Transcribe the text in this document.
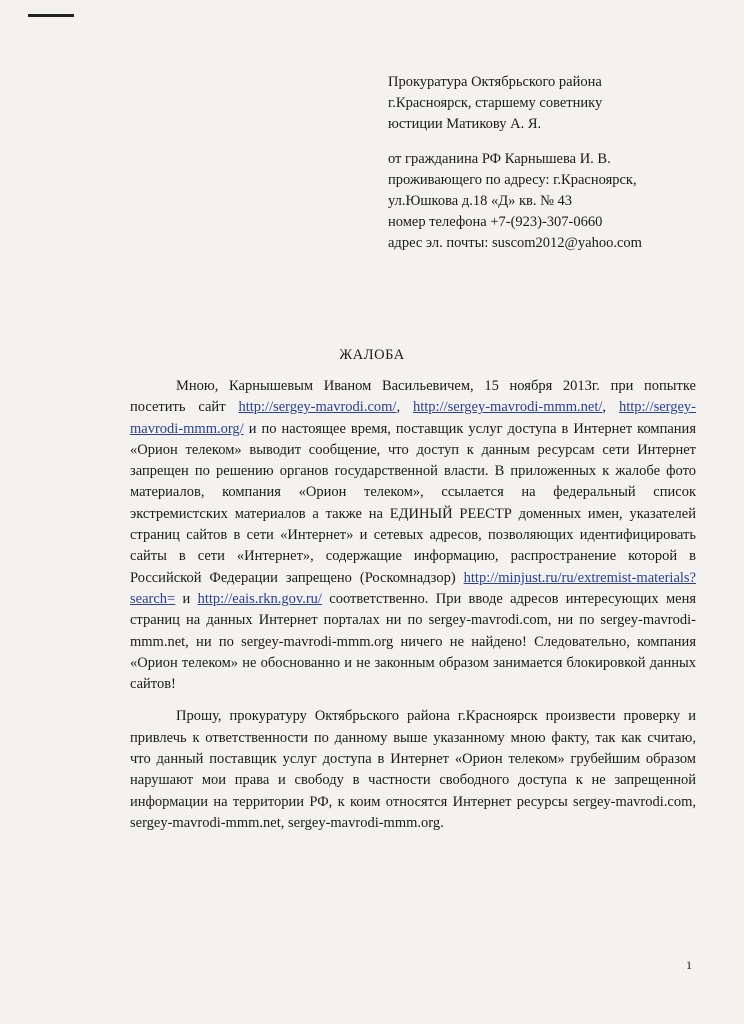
Прокуратура Октябрьского района
г.Красноярск, старшему советнику
юстиции Матикову А. Я.
от гражданина РФ Карнышева И. В.
проживающего по адресу: г.Красноярск,
ул.Юшкова д.18 «Д» кв. № 43
номер телефона +7-(923)-307-0660
адрес эл. почты: suscom2012@yahoo.com
ЖАЛОБА

Мною, Карнышевым Иваном Васильевичем, 15 ноября 2013г. при попытке посетить сайт http://sergey-mavrodi.com/, http://sergey-mavrodi-mmm.net/, http://sergey-mavrodi-mmm.org/ и по настоящее время, поставщик услуг доступа в Интернет компания «Орион телеком» выводит сообщение, что доступ к данным ресурсам сети Интернет запрещен по решению органов государственной власти. В приложенных к жалобе фото материалов, компания «Орион телеком», ссылается на федеральный список экстремистских материалов а также на ЕДИНЫЙ РЕЕСТР доменных имен, указателей страниц сайтов в сети «Интернет» и сетевых адресов, позволяющих идентифицировать сайты в сети «Интернет», содержащие информацию, распространение которой в Российской Федерации запрещено (Роскомнадзор) http://minjust.ru/ru/extremist-materials?search= и http://eais.rkn.gov.ru/ соответственно. При вводе адресов интересующих меня страниц на данных Интернет порталах ни по sergey-mavrodi.com, ни по sergey-mavrodi-mmm.net, ни по sergey-mavrodi-mmm.org ничего не найдено! Следовательно, компания «Орион телеком» не обоснованно и не законным образом занимается блокировкой данных сайтов!

Прошу, прокуратуру Октябрьского района г.Красноярск произвести проверку и привлечь к ответственности по данному выше указанному мною факту, так как считаю, что данный поставщик услуг доступа в Интернет «Орион телеком» грубейшим образом нарушают мои права и свободу в частности свободного доступа к не запрещенной информации на территории РФ, к коим относятся Интернет ресурсы sergey-mavrodi.com, sergey-mavrodi-mmm.net, sergey-mavrodi-mmm.org.

1
